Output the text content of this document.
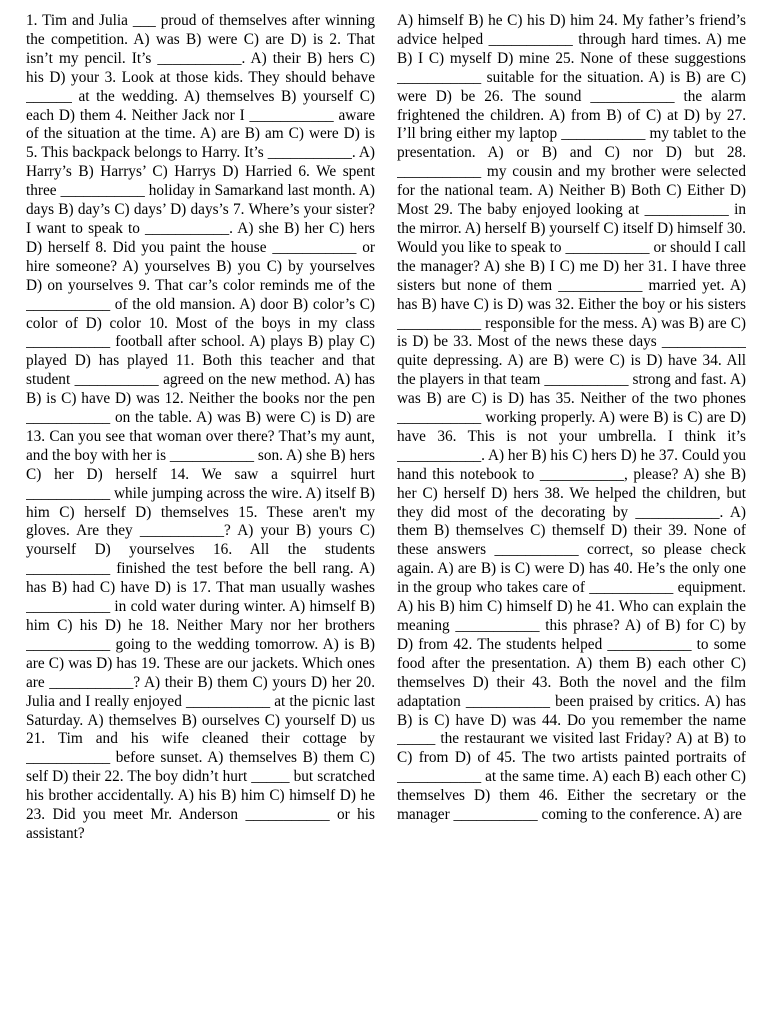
1. Tim and Julia ___ proud of themselves after winning the competition. A) was B) were C) are D) is 2. That isn’t my pencil. It’s ___________. A) their B) hers C) his D) your 3. Look at those kids. They should behave ______ at the wedding. A) themselves B) yourself C) each D) them 4. Neither Jack nor I ___________ aware of the situation at the time. A) are B) am C) were D) is 5. This backpack belongs to Harry. It’s ___________. A) Harry’s B) Harrys’ C) Harrys D) Harried 6. We spent three ___________ holiday in Samarkand last month. A) days B) day’s C) days’ D) days’s 7. Where’s your sister? I want to speak to ___________. A) she B) her C) hers D) herself 8. Did you paint the house ___________ or hire someone? A) yourselves B) you C) by yourselves D) on yourselves 9. That car’s color reminds me of the ___________ of the old mansion. A) door B) color’s C) color of D) color 10. Most of the boys in my class ___________ football after school. A) plays B) play C) played D) has played 11. Both this teacher and that student ___________ agreed on the new method. A) has B) is C) have D) was 12. Neither the books nor the pen ___________ on the table. A) was B) were C) is D) are 13. Can you see that woman over there? That’s my aunt, and the boy with her is ___________ son. A) she B) hers C) her D) herself 14. We saw a squirrel hurt ___________ while jumping across the wire. A) itself B) him C) herself D) themselves 15. These aren't my gloves. Are they ___________? A) your B) yours C) yourself D) yourselves 16. All the students ___________ finished the test before the bell rang. A) has B) had C) have D) is 17. That man usually washes ___________ in cold water during winter. A) himself B) him C) his D) he 18. Neither Mary nor her brothers ___________ going to the wedding tomorrow. A) is B) are C) was D) has 19. These are our jackets. Which ones are ___________? A) their B) them C) yours D) her 20. Julia and I really enjoyed ___________ at the picnic last Saturday. A) themselves B) ourselves C) yourself D) us 21. Tim and his wife cleaned their cottage by ___________ before sunset. A) themselves B) them C) self D) their 22. The boy didn’t hurt _____ but scratched his brother accidentally. A) his B) him C) himself D) he 23. Did you meet Mr. Anderson ___________ or his assistant?
A) himself B) he C) his D) him 24. My father’s friend’s advice helped ___________ through hard times. A) me B) I C) myself D) mine 25. None of these suggestions ___________ suitable for the situation. A) is B) are C) were D) be 26. The sound ___________ the alarm frightened the children. A) from B) of C) at D) by 27. I’ll bring either my laptop ___________ my tablet to the presentation. A) or B) and C) nor D) but 28. ___________ my cousin and my brother were selected for the national team. A) Neither B) Both C) Either D) Most 29. The baby enjoyed looking at ___________ in the mirror. A) herself B) yourself C) itself D) himself 30. Would you like to speak to ___________ or should I call the manager? A) she B) I C) me D) her 31. I have three sisters but none of them ___________ married yet. A) has B) have C) is D) was 32. Either the boy or his sisters ___________ responsible for the mess. A) was B) are C) is D) be 33. Most of the news these days ___________ quite depressing. A) are B) were C) is D) have 34. All the players in that team ___________ strong and fast. A) was B) are C) is D) has 35. Neither of the two phones ___________ working properly. A) were B) is C) are D) have 36. This is not your umbrella. I think it’s ___________. A) her B) his C) hers D) he 37. Could you hand this notebook to ___________, please? A) she B) her C) herself D) hers 38. We helped the children, but they did most of the decorating by ___________. A) them B) themselves C) themself D) their 39. None of these answers ___________ correct, so please check again. A) are B) is C) were D) has 40. He’s the only one in the group who takes care of ___________ equipment. A) his B) him C) himself D) he 41. Who can explain the meaning ___________ this phrase? A) of B) for C) by D) from 42. The students helped ___________ to some food after the presentation. A) them B) each other C) themselves D) their 43. Both the novel and the film adaptation ___________ been praised by critics. A) has B) is C) have D) was 44. Do you remember the name _____ the restaurant we visited last Friday? A) at B) to C) from D) of 45. The two artists painted portraits of ___________ at the same time. A) each B) each other C) themselves D) them 46. Either the secretary or the manager ___________ coming to the conference. A) are
